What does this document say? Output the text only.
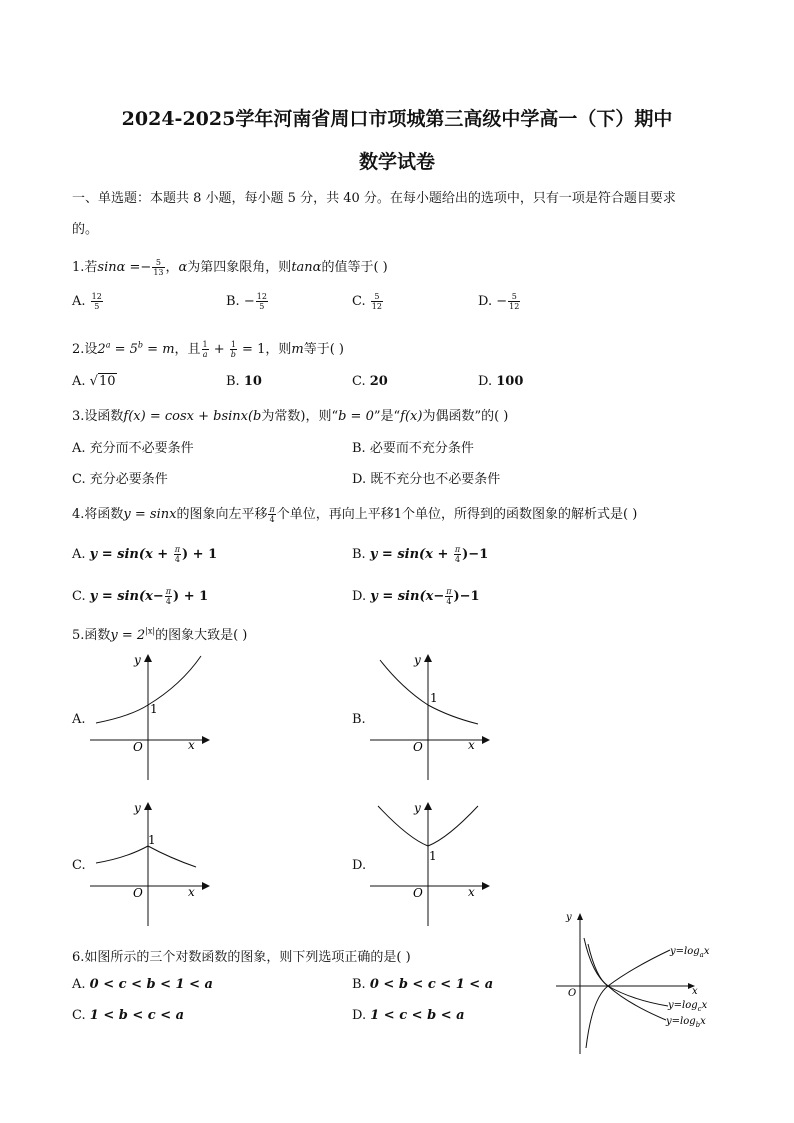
2024-2025学年河南省周口市项城第三高级中学高一（下）期中
数学试卷
一、单选题：本题共 8 小题，每小题 5 分，共 40 分。在每小题给出的选项中，只有一项是符合题目要求
的。
1.若$\sin\alpha =- \frac{5}{13}$ ，α为第四象限角，则tanα的值等于( )
A. $\frac{12}{5}$	B. − $\frac{12}{5}$	C. $\frac{5}{12}$	D. − $\frac{5}{12}$
2.设$2^a = 5^b = m$，且 $\frac{1}{a} + \frac{1}{b} = 1$，则m等于( )
A. √10	B. 10	C. 20	D. 100
3.设函数f(x) = cosx + bsinx(b为常数)，则“b = 0”是“f(x)为偶函数”的( )
A. 充分而不必要条件	B. 必要而不充分条件
C. 充分必要条件	D. 既不充分也不必要条件
4.将函数y = sinx的图象向左平移 $\frac{\pi}{4}$ 个单位，再向上平移1个单位，所得到的函数图象的解析式是( )
A. $y = \sin(x + \frac{\pi}{4}$ ) + 1	B. $y = \sin(x + \frac{\pi}{4} )-1$
C. $y = \sin(x- \frac{\pi}{4}$ ) + 1	D. $y = \sin(x- \frac{\pi}{4} )-1$
5.函数$y = 2^{|x|}$的图象大致是( )
A.
y
x
O
1
B.
y
x
O
1
C.
y
x
O
1
D.
y
x
O
1
6.如图所示的三个对数函数的图象，则下列选项正确的是( )
A. 0 < c < b < 1 < a	B. 0 < b < c < 1 < a
C. 1 < b < c < a	D. 1 < c < b < a
y
x
O
$y=\log_ax$
$y=\log_cx$
$y=\log_bx$
